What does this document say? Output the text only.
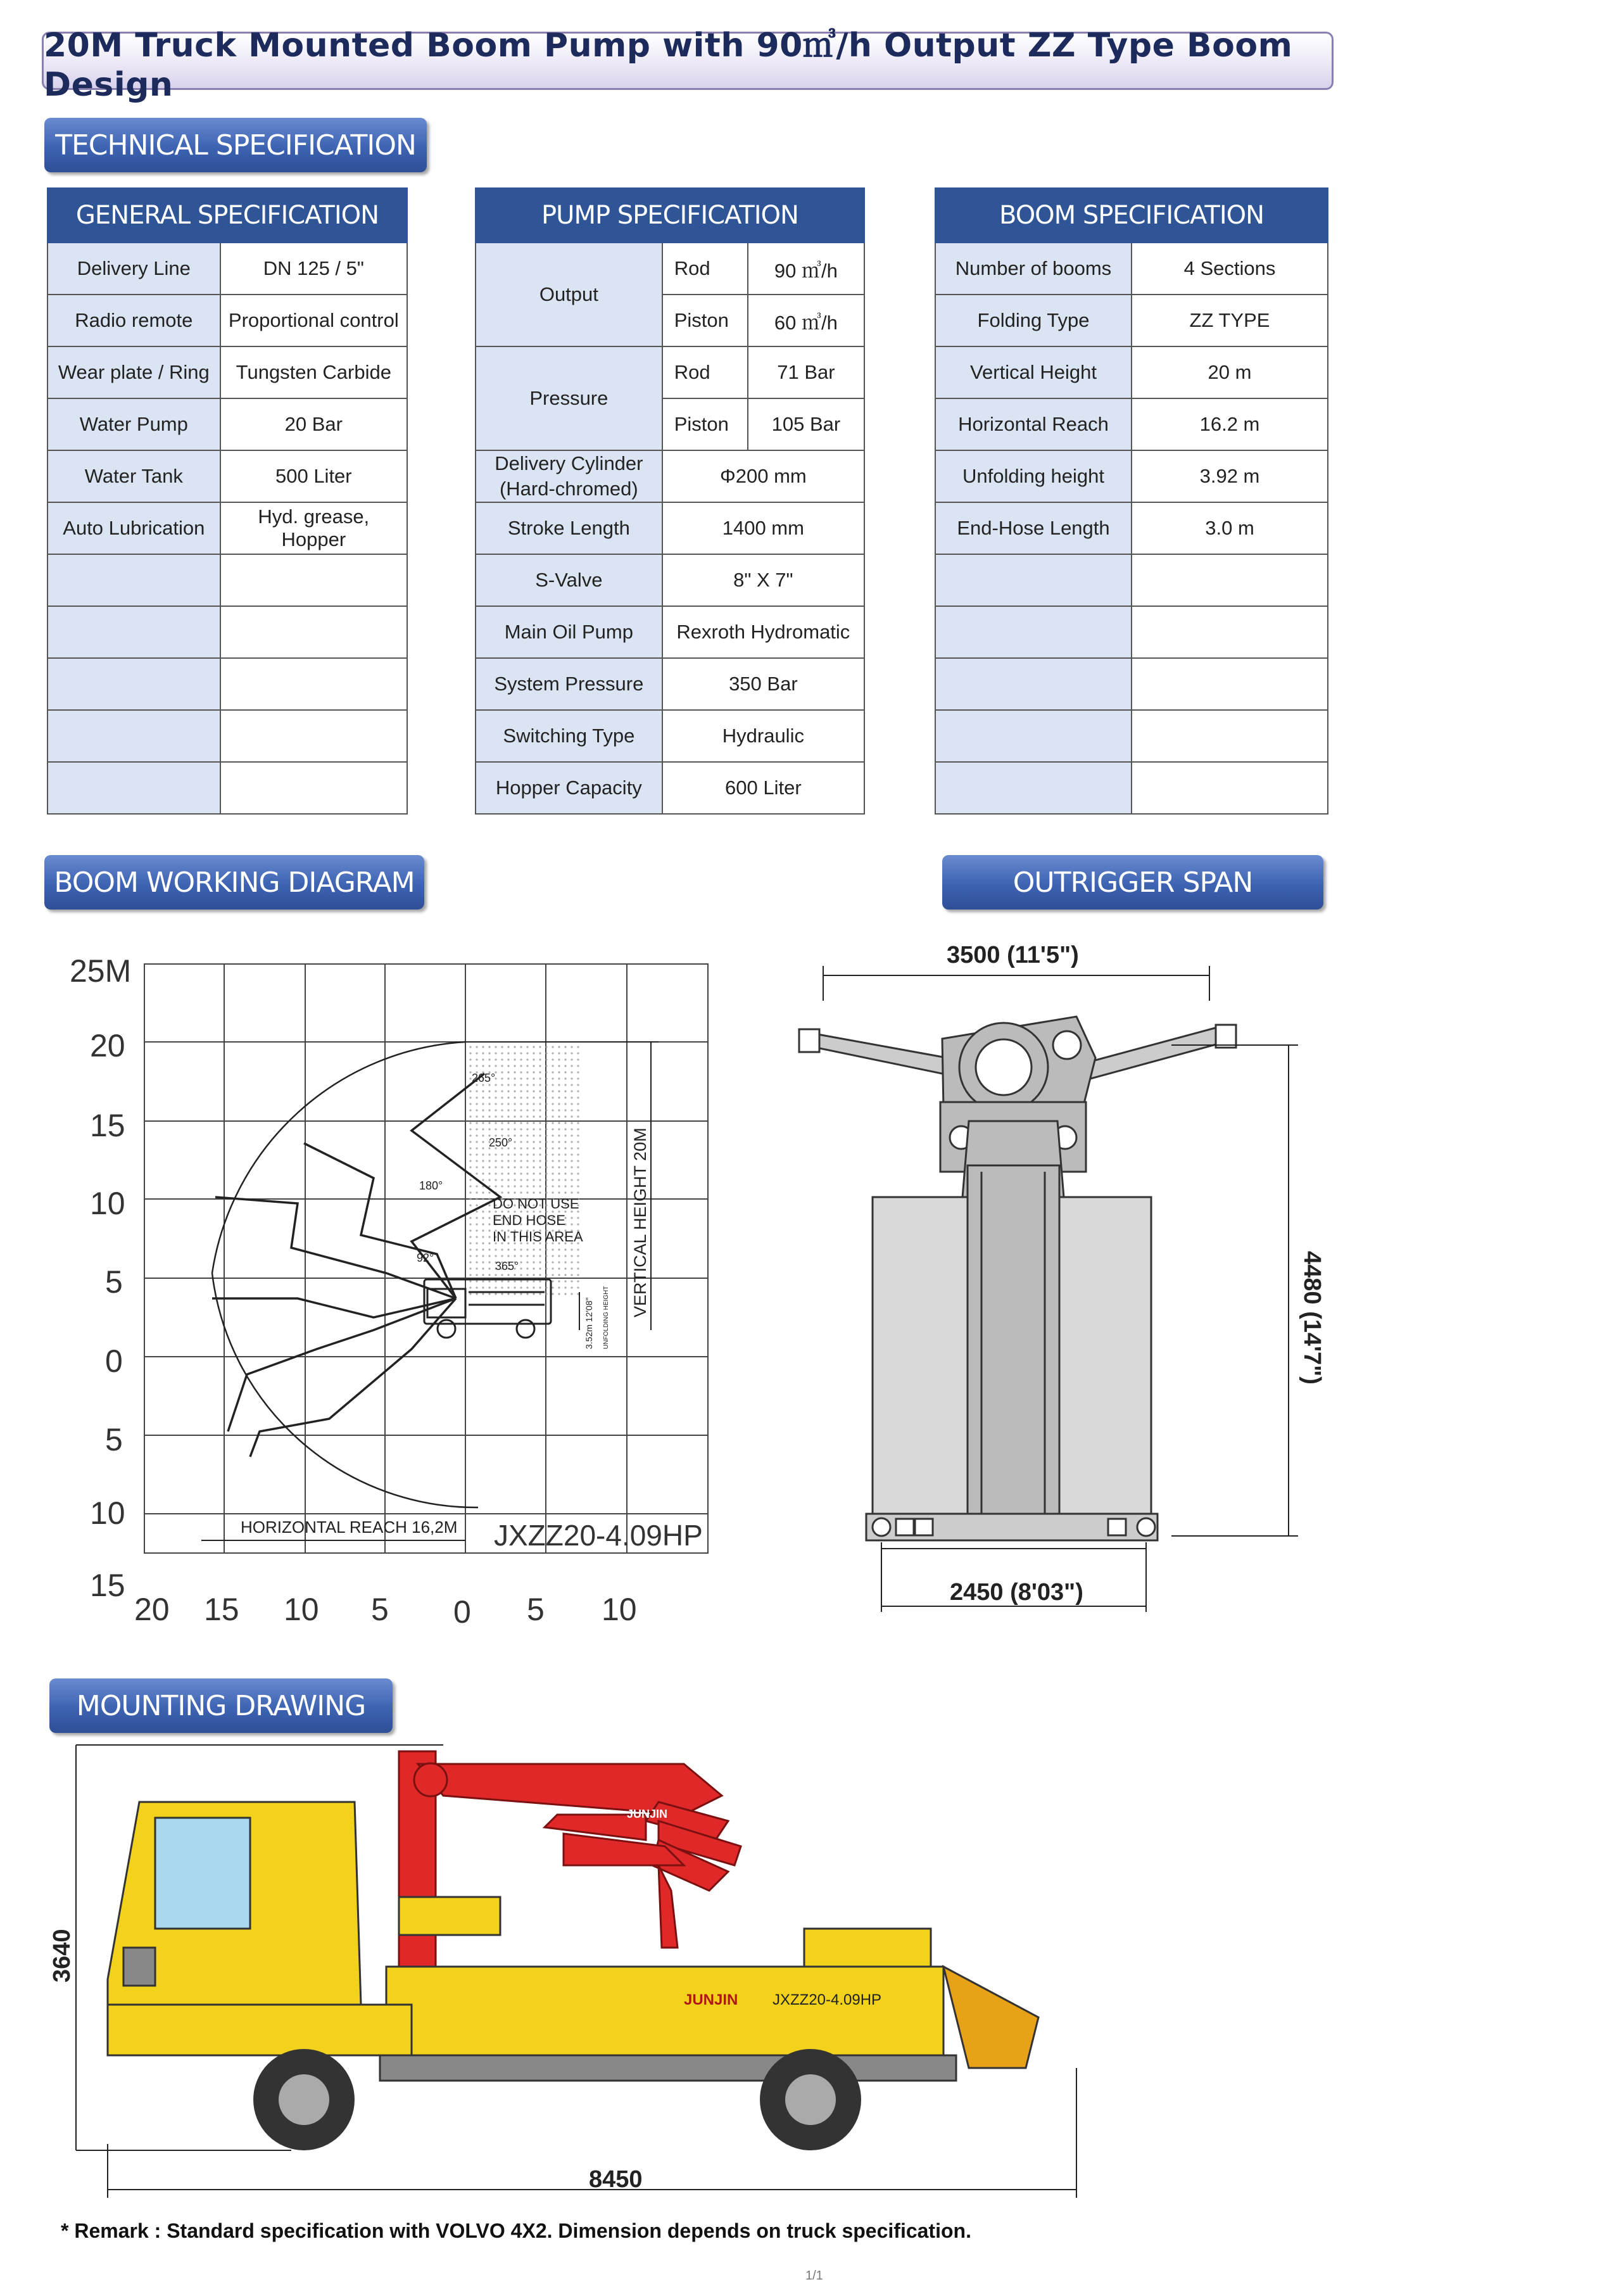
20M Truck Mounted Boom Pump with 90㎥/h Output ZZ Type Boom Design
TECHNICAL SPECIFICATION
BOOM WORKING DIAGRAM	OUTRIGGER SPAN
MOUNTING DRAWING
GENERAL SPECIFICATION	
Delivery Line	DN 125 / 5"
Radio remote	Proportional control
Wear plate / Ring	Tungsten Carbide
Water Pump	20 Bar
Water Tank	500 Liter
Auto Lubrication	Hyd. grease, Hopper

PUMP SPECIFICATION		
Output	Rod	90 ㎥/h
	Piston	60 ㎥/h
Pressure	Rod	71 Bar
	Piston	105 Bar
Delivery Cylinder
(Hard-chromed)	Φ200 mm	
Stroke Length	1400 mm	
S-Valve	8" X 7"	
Main Oil Pump	Rexroth Hydromatic	
System Pressure	350 Bar	
Switching Type	Hydraulic	
Hopper Capacity	600 Liter	
BOOM SPECIFICATION	
Number of booms	4 Sections
Folding Type	ZZ TYPE
Vertical Height	20 m
Horizontal Reach	16.2 m
Unfolding height	3.92 m
End-Hose Length	3.0 m

25M
20
15
10
5
0
5
10
15
20 15 10 5 0 5 10
265°
250°
180°
92°
365°
DO NOT USE
END HOSE
IN THIS AREA	VERTICAL HEIGHT 20M
3.52m 12'08" UNFOLDING HEIGHT
HORIZONTAL REACH 16,2M JXZZ20-4.09HP
3500 (11'5")
4480 (14'7")
2450 (8'03")
3640
JUNJIN
JUNJIN JXZZ20-4.09HP
8450
* Remark : Standard specification with VOLVO 4X2. Dimension depends on truck specification.
1/1
